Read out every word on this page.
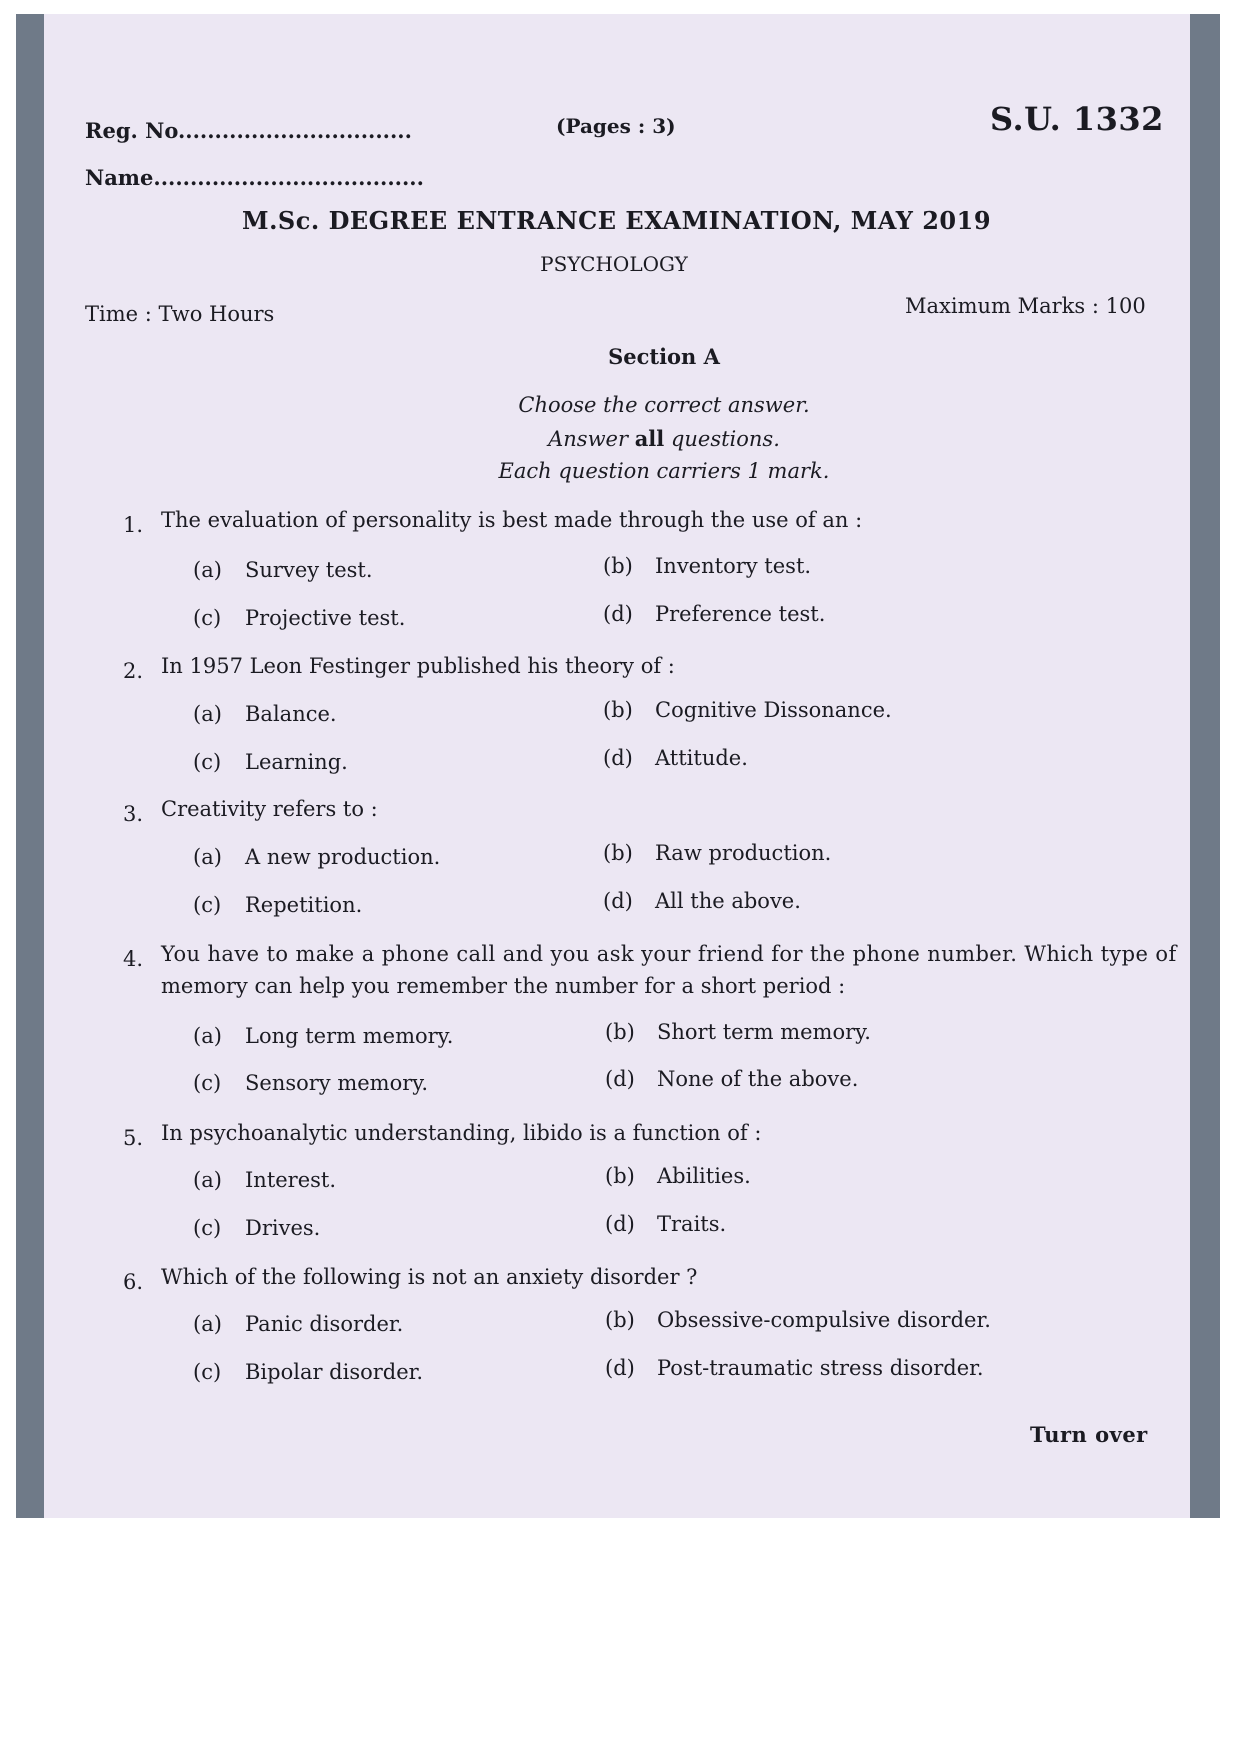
Reg. No................................
Name.....................................
(Pages : 3)	S.U. 1332
M.Sc. DEGREE ENTRANCE EXAMINATION, MAY 2019
PSYCHOLOGY
Time : Two Hours	Maximum Marks : 100
Section A
Choose the correct answer.
Answer all questions.
Each question carriers 1 mark.
1. The evaluation of personality is best made through the use of an :
(a) Survey test.	(b) Inventory test.
(c) Projective test.	(d) Preference test.
2. In 1957 Leon Festinger published his theory of :
(a) Balance.	(b) Cognitive Dissonance.
(c) Learning.	(d) Attitude.
3. Creativity refers to :
(a) A new production.	(b) Raw production.
(c) Repetition.	(d) All the above.
4. You have to make a phone call and you ask your friend for the phone number. Which type of
memory can help you remember the number for a short period :
(a) Long term memory.	(b) Short term memory.
(c) Sensory memory.	(d) None of the above.
5. In psychoanalytic understanding, libido is a function of :
(a) Interest.	(b) Abilities.
(c) Drives.	(d) Traits.
6. Which of the following is not an anxiety disorder ?
(a) Panic disorder.	(b) Obsessive-compulsive disorder.
(c) Bipolar disorder.	(d) Post-traumatic stress disorder.
Turn over
